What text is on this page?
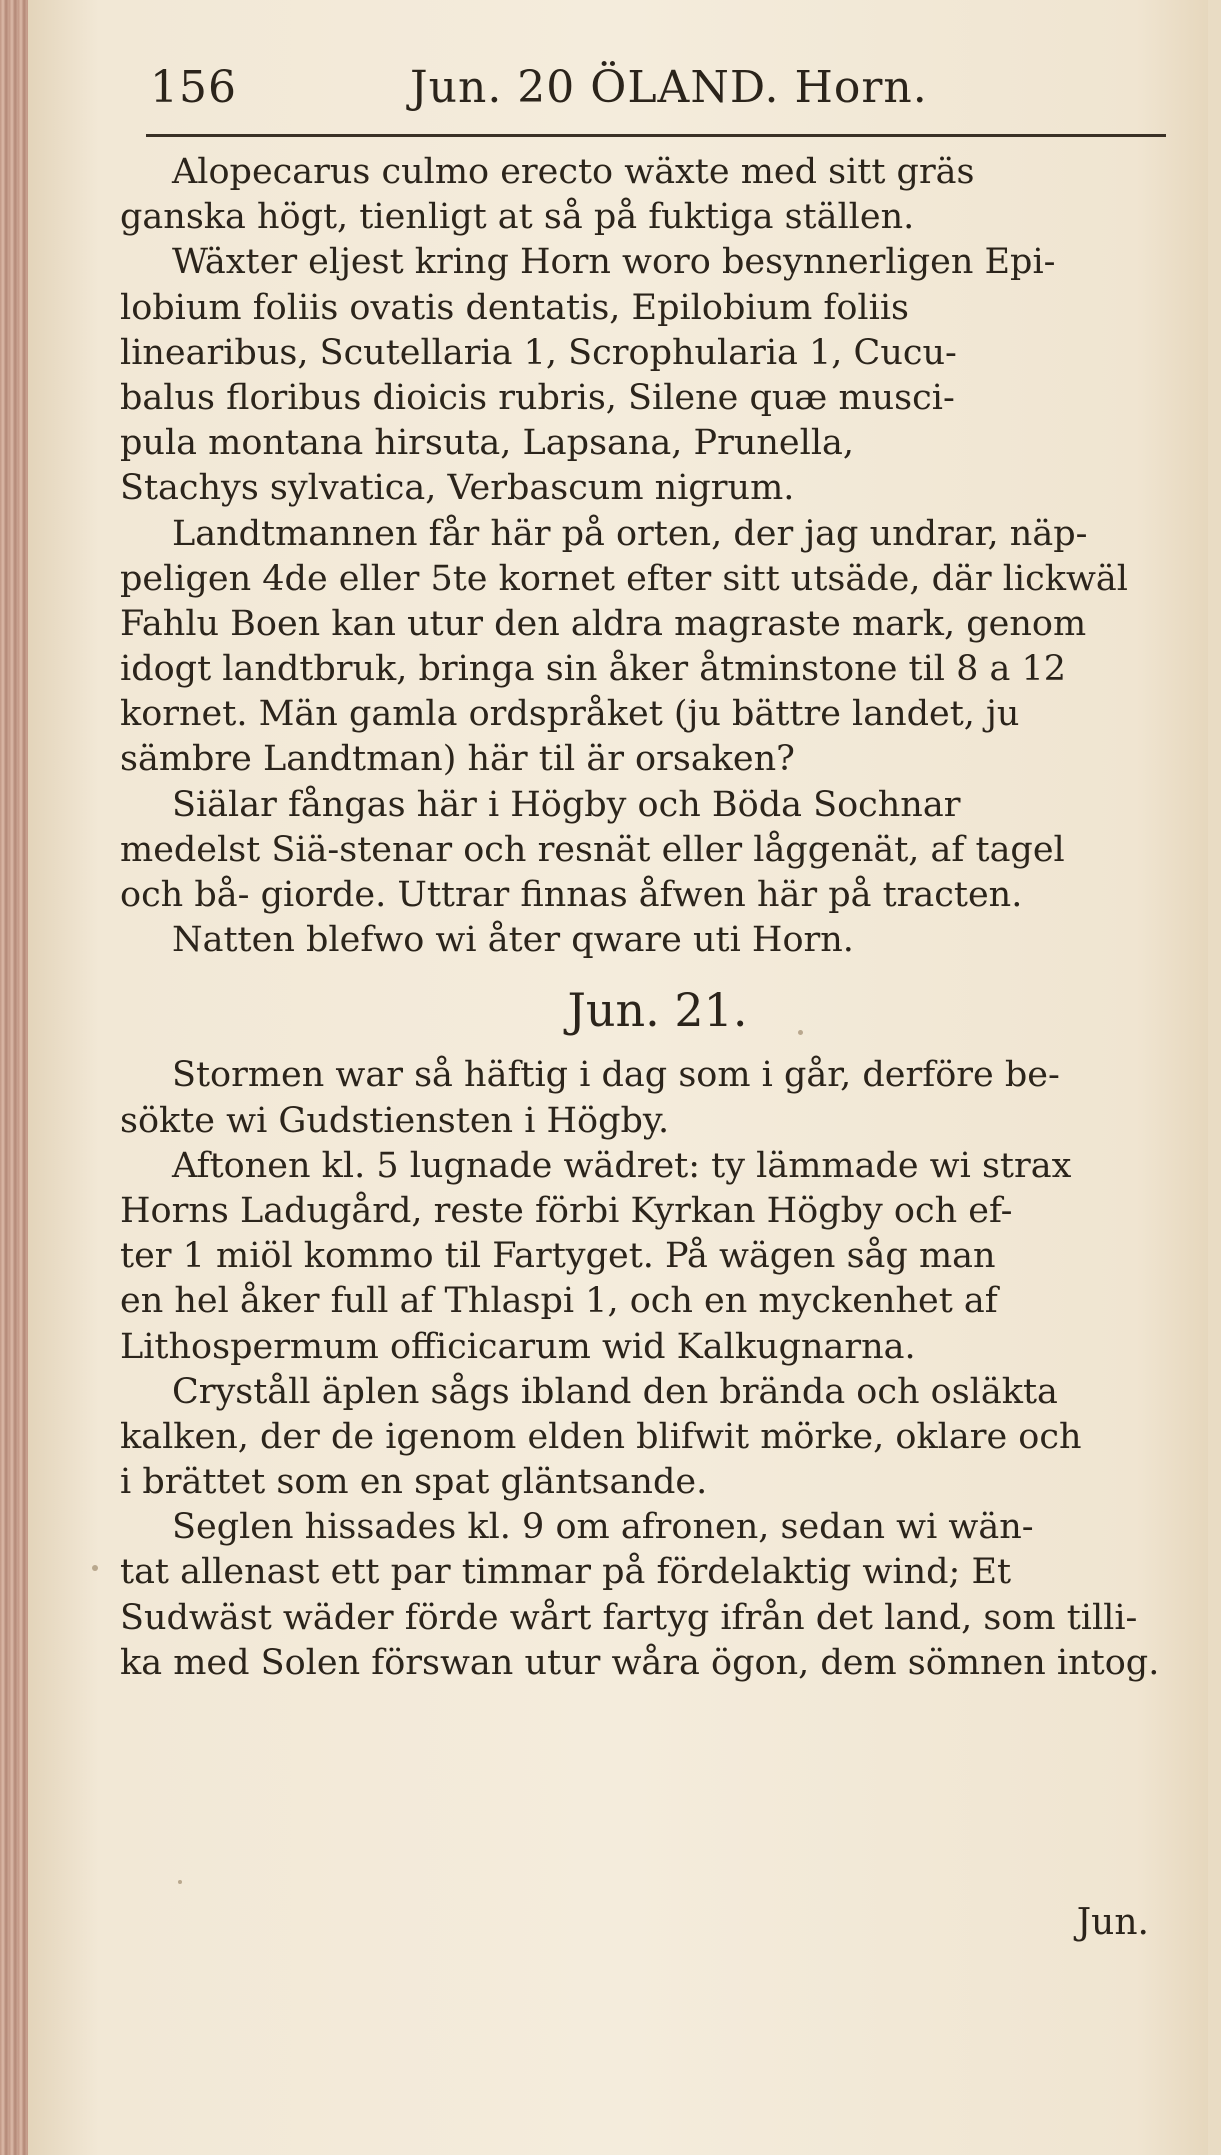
156	Jun. 20 ÖLAND. Horn.
Alopecarus culmo erecto wäxte med sitt gräs
ganska högt, tienligt at så på fuktiga ställen.
Wäxter eljest kring Horn woro besynnerligen Epi-
lobium foliis ovatis dentatis, Epilobium foliis
linearibus, Scutellaria 1, Scrophularia 1, Cucu-
balus floribus dioicis rubris, Silene quæ musci-
pula montana hirsuta, Lapsana, Prunella,
Stachys sylvatica, Verbascum nigrum.
Landtmannen får här på orten, der jag undrar, näp-
peligen 4de eller 5te kornet efter sitt utsäde, där lickwäl
Fahlu Boen kan utur den aldra magraste mark, genom
idogt landtbruk, bringa sin åker åtminstone til 8 a 12
kornet. Män gamla ordspråket (ju bättre landet, ju
sämbre Landtman) här til är orsaken?
Siälar fångas här i Högby och Böda Sochnar
medelst Siä-stenar och resnät eller låggenät, af tagel
och bå- giorde. Uttrar finnas åfwen här på tracten.
Natten blefwo wi åter qware uti Horn.
Jun. 21.
Stormen war så häftig i dag som i går, derföre be-
sökte wi Gudstiensten i Högby.
Aftonen kl. 5 lugnade wädret: ty lämmade wi strax
Horns Ladugård, reste förbi Kyrkan Högby och ef-
ter 1 miöl kommo til Fartyget. På wägen såg man
en hel åker full af Thlaspi 1, och en myckenhet af
Lithospermum officicarum wid Kalkugnarna.
Cryståll äplen sågs ibland den brända och osläkta
kalken, der de igenom elden blifwit mörke, oklare och
i brättet som en spat gläntsande.
Seglen hissades kl. 9 om afronen, sedan wi wän-
tat allenast ett par timmar på fördelaktig wind; Et
Sudwäst wäder förde wårt fartyg ifrån det land, som tilli-
ka med Solen förswan utur wåra ögon, dem sömnen intog.
Jun.
